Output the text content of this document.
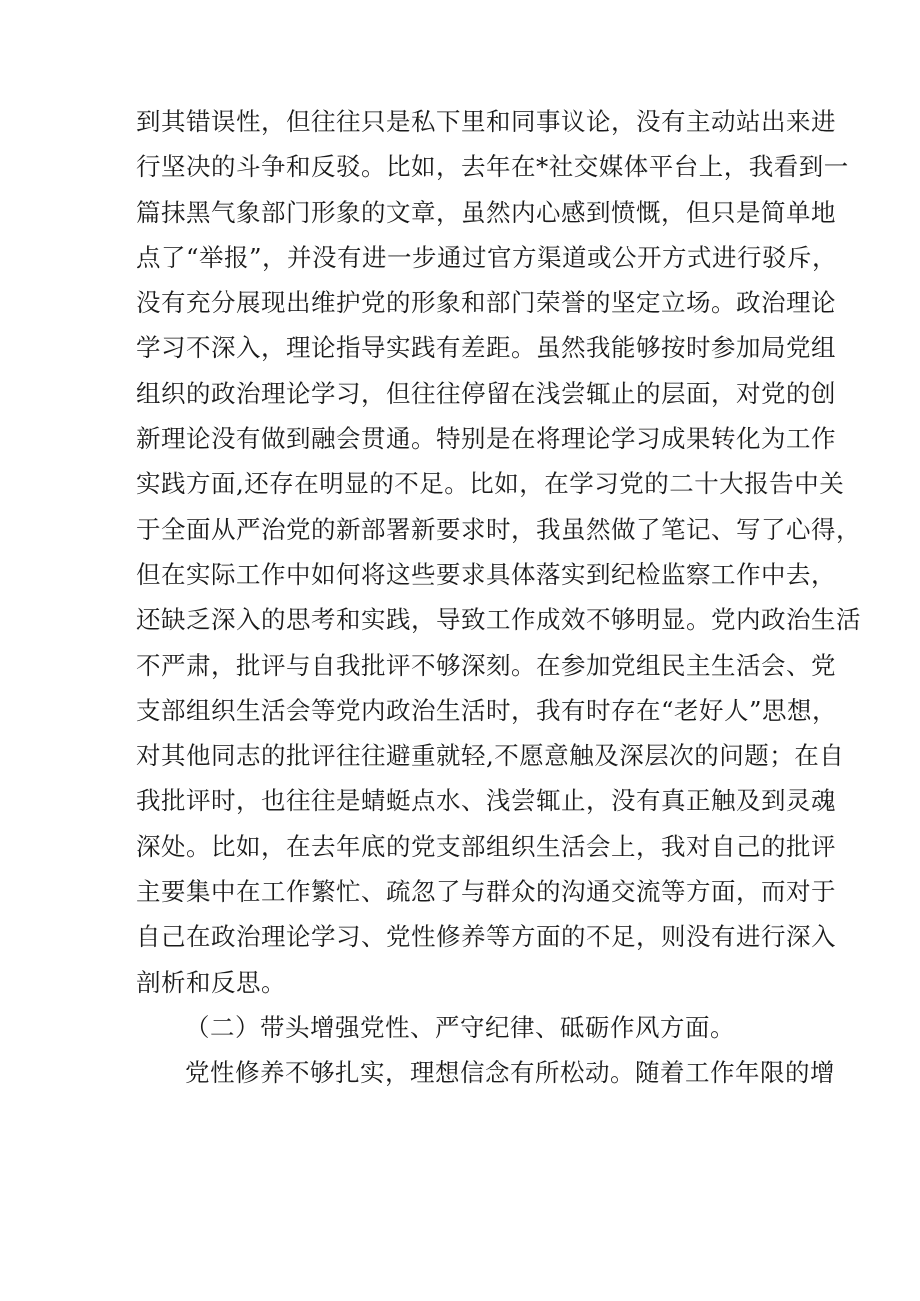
到其错误性，但往往只是私下里和同事议论，没有主动站出来进
行坚决的斗争和反驳。比如，去年在*社交媒体平台上，我看到一
篇抹黑气象部门形象的文章，虽然内心感到愤慨，但只是简单地
点了“举报”，并没有进一步通过官方渠道或公开方式进行驳斥，
没有充分展现出维护党的形象和部门荣誉的坚定立场。政治理论
学习不深入，理论指导实践有差距。虽然我能够按时参加局党组
组织的政治理论学习，但往往停留在浅尝辄止的层面，对党的创
新理论没有做到融会贯通。特别是在将理论学习成果转化为工作
实践方面,还存在明显的不足。比如，在学习党的二十大报告中关
于全面从严治党的新部署新要求时，我虽然做了笔记、写了心得，
但在实际工作中如何将这些要求具体落实到纪检监察工作中去，
还缺乏深入的思考和实践，导致工作成效不够明显。党内政治生活
不严肃，批评与自我批评不够深刻。在参加党组民主生活会、党
支部组织生活会等党内政治生活时，我有时存在“老好人”思想，
对其他同志的批评往往避重就轻,不愿意触及深层次的问题；在自
我批评时，也往往是蜻蜓点水、浅尝辄止，没有真正触及到灵魂
深处。比如，在去年底的党支部组织生活会上，我对自己的批评
主要集中在工作繁忙、疏忽了与群众的沟通交流等方面，而对于
自己在政治理论学习、党性修养等方面的不足，则没有进行深入
剖析和反思。
（二）带头增强党性、严守纪律、砥砺作风方面。
党性修养不够扎实，理想信念有所松动。随着工作年限的增
